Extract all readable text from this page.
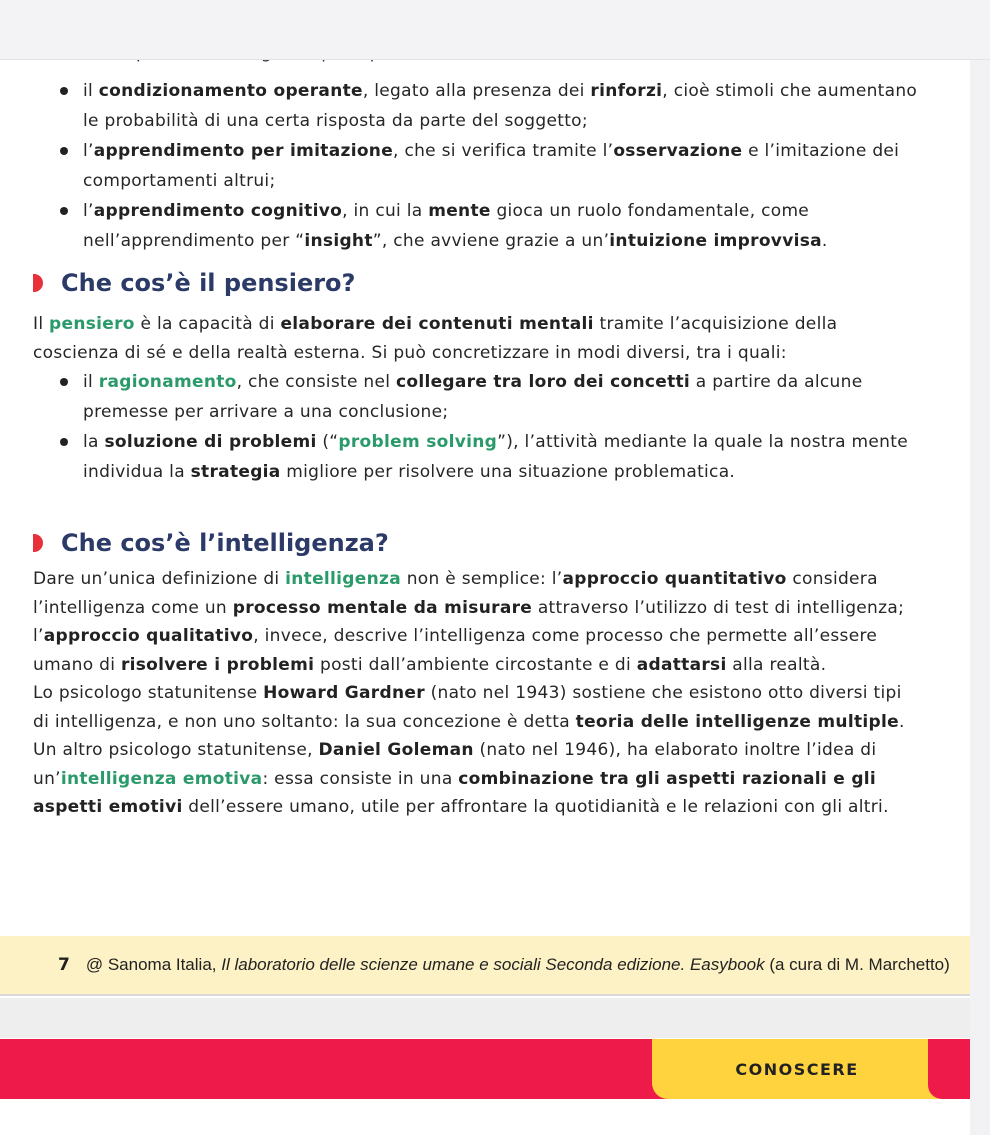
il condizionamento operante, legato alla presenza dei rinforzi, cioè stimoli che aumentano le probabilità di una certa risposta da parte del soggetto;
l’apprendimento per imitazione, che si verifica tramite l’osservazione e l’imitazione dei comportamenti altrui;
l’apprendimento cognitivo, in cui la mente gioca un ruolo fondamentale, come nell’apprendimento per “insight”, che avviene grazie a un’intuizione improvvisa.
Che cos’è il pensiero?

Il pensiero è la capacità di elaborare dei contenuti mentali tramite l’acquisizione della coscienza di sé e della realtà esterna. Si può concretizzare in modi diversi, tra i quali:

il ragionamento, che consiste nel collegare tra loro dei concetti a partire da alcune premesse per arrivare a una conclusione;
la soluzione di problemi (“problem solving”), l’attività mediante la quale la nostra mente individua la strategia migliore per risolvere una situazione problematica.
Che cos’è l’intelligenza?

Dare un’unica definizione di intelligenza non è semplice: l’approccio quantitativo considera l’intelligenza come un processo mentale da misurare attraverso l’utilizzo di test di intelligenza; l’approccio qualitativo, invece, descrive l’intelligenza come processo che permette all’essere umano di risolvere i problemi posti dall’ambiente circostante e di adattarsi alla realtà.

Lo psicologo statunitense Howard Gardner (nato nel 1943) sostiene che esistono otto diversi tipi di intelligenza, e non uno soltanto: la sua concezione è detta teoria delle intelligenze multiple.

Un altro psicologo statunitense, Daniel Goleman (nato nel 1946), ha elaborato inoltre l’idea di un’intelligenza emotiva: essa consiste in una combinazione tra gli aspetti razionali e gli aspetti emotivi dell’essere umano, utile per affrontare la quotidianità e le relazioni con gli altri.

7 @ Sanoma Italia, Il laboratorio delle scienze umane e sociali Seconda edizione. Easybook (a cura di M. Marchetto)
CONOSCERE
